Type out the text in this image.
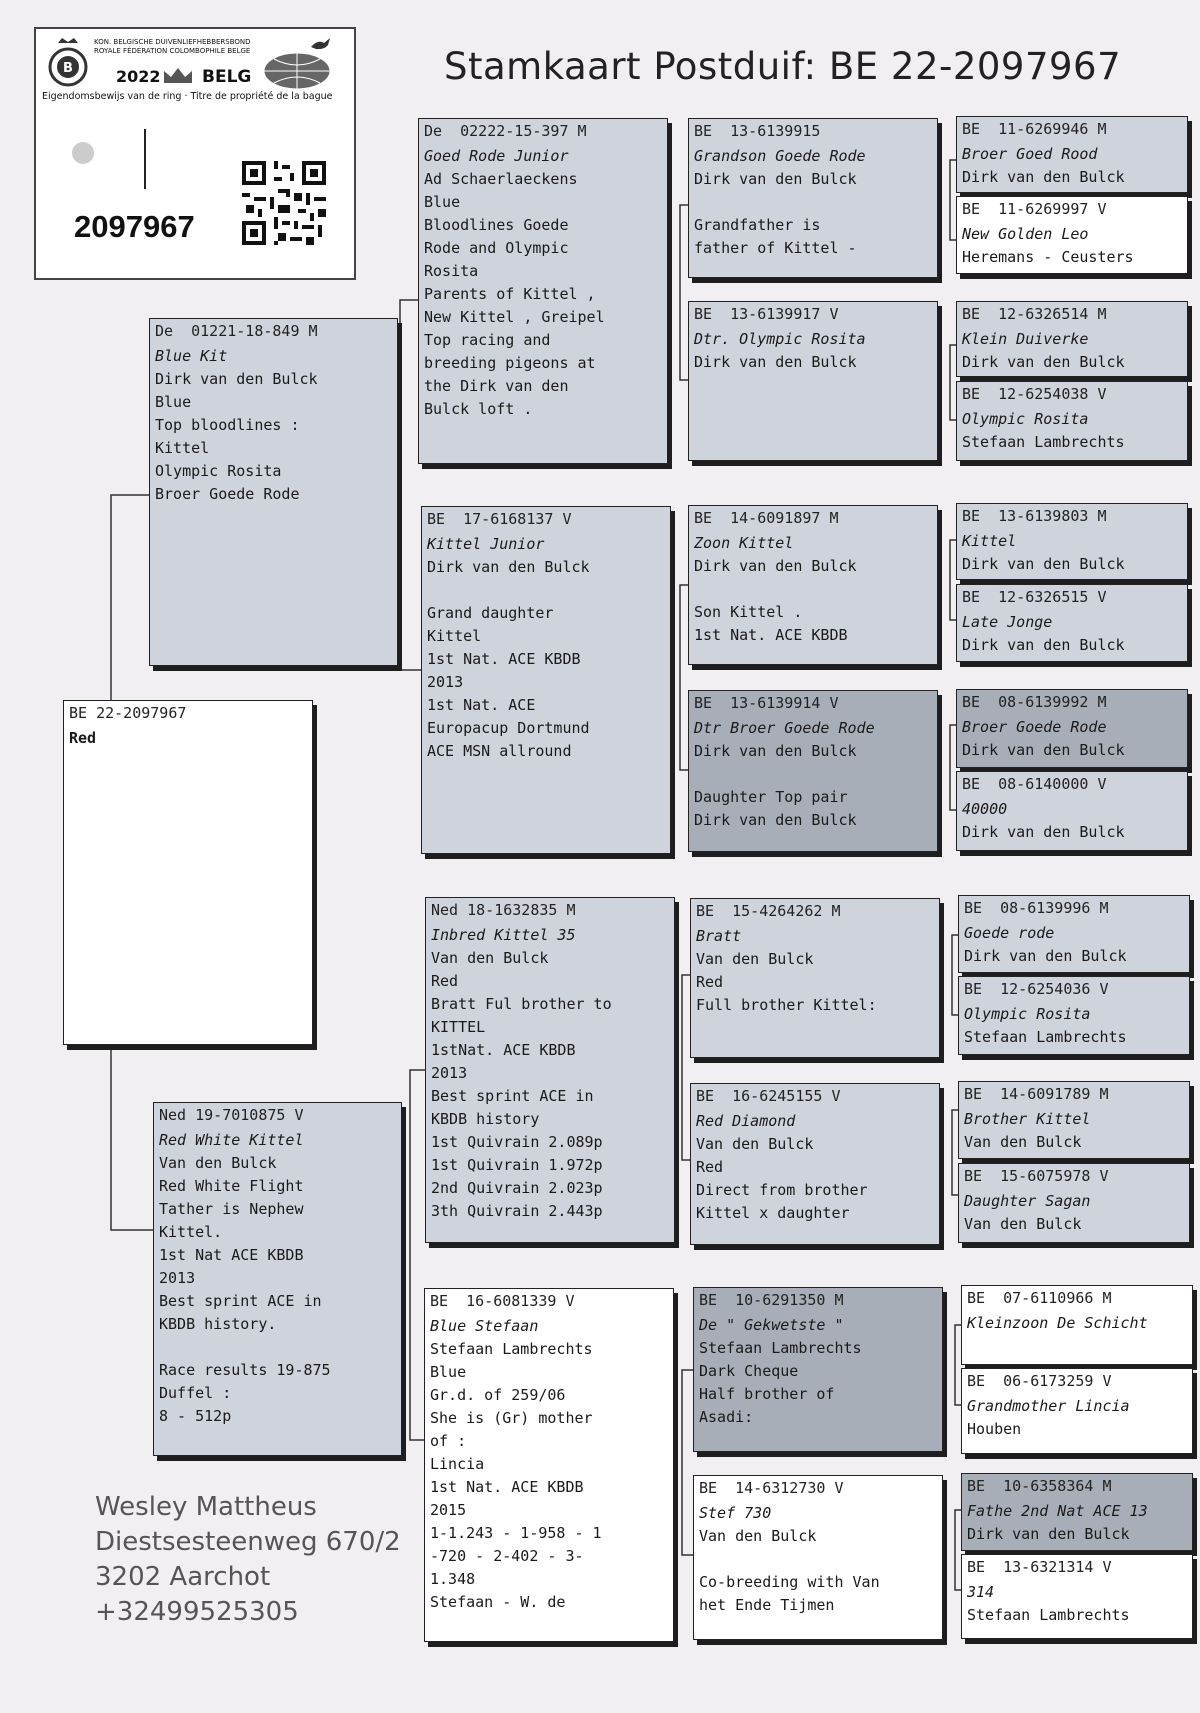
B
KON. BELGISCHE DUIVENLIEFHEBBERSBOND
ROYALE FÉDÉRATION COLOMBOPHILE BELGE
2022 BELG
Eigendomsbewijs van de ring · Titre de propriété de la bague
2097967
Stamkaart Postduif: BE 22-2097967
BE 22-2097967
Red
De  01221-18-849 M
Blue Kit
Dirk van den Bulck
Blue
Top bloodlines :
Kittel
Olympic Rosita
Broer Goede Rode
Ned 19-7010875 V
Red White Kittel
Van den Bulck
Red White Flight
Tather is Nephew
Kittel.
1st Nat ACE KBDB
2013
Best sprint ACE in
KBDB history.
Race results 19-875
Duffel :
8 - 512p
De  02222-15-397 M
Goed Rode Junior
Ad Schaerlaeckens
Blue
Bloodlines Goede
Rode and Olympic
Rosita
Parents of Kittel ,
New Kittel , Greipel
Top racing and
breeding pigeons at
the Dirk van den
Bulck loft .
BE  17-6168137 V
Kittel Junior
Dirk van den Bulck
Grand daughter
Kittel
1st Nat. ACE KBDB
2013
1st Nat. ACE
Europacup Dortmund
ACE MSN allround
Ned 18-1632835 M
Inbred Kittel 35
Van den Bulck
Red
Bratt Ful brother to
KITTEL
1stNat. ACE KBDB
2013
Best sprint ACE in
KBDB history
1st Quivrain 2.089p
1st Quivrain 1.972p
2nd Quivrain 2.023p
3th Quivrain 2.443p
BE  16-6081339 V
Blue Stefaan
Stefaan Lambrechts
Blue
Gr.d. of 259/06
She is (Gr) mother
of :
Lincia
1st Nat. ACE KBDB
2015
1-1.243 - 1-958 - 1
-720 - 2-402 - 3-
1.348
Stefaan - W. de
BE  13-6139915
Grandson Goede Rode
Dirk van den Bulck
Grandfather is
father of Kittel -
BE  13-6139917 V
Dtr. Olympic Rosita
Dirk van den Bulck
BE  14-6091897 M
Zoon Kittel
Dirk van den Bulck
Son Kittel .
1st Nat. ACE KBDB
BE  13-6139914 V
Dtr Broer Goede Rode
Dirk van den Bulck
Daughter Top pair
Dirk van den Bulck
BE  15-4264262 M
Bratt
Van den Bulck
Red
Full brother Kittel:
BE  16-6245155 V
Red Diamond
Van den Bulck
Red
Direct from brother
Kittel x daughter
BE  10-6291350 M
De " Gekwetste "
Stefaan Lambrechts
Dark Cheque
Half brother of
Asadi:
BE  14-6312730 V
Stef 730
Van den Bulck
Co-breeding with Van
het Ende Tijmen
BE  11-6269946 M
Broer Goed Rood
Dirk van den Bulck
BE  11-6269997 V
New Golden Leo
Heremans - Ceusters
BE  12-6326514 M
Klein Duiverke
Dirk van den Bulck
BE  12-6254038 V
Olympic Rosita
Stefaan Lambrechts
BE  13-6139803 M
Kittel
Dirk van den Bulck
BE  12-6326515 V
Late Jonge
Dirk van den Bulck
BE  08-6139992 M
Broer Goede Rode
Dirk van den Bulck
BE  08-6140000 V
40000
Dirk van den Bulck
BE  08-6139996 M
Goede rode
Dirk van den Bulck
BE  12-6254036 V
Olympic Rosita
Stefaan Lambrechts
BE  14-6091789 M
Brother Kittel
Van den Bulck
BE  15-6075978 V
Daughter Sagan
Van den Bulck
BE  07-6110966 M
Kleinzoon De Schicht
BE  06-6173259 V
Grandmother Lincia
Houben
BE  10-6358364 M
Fathe 2nd Nat ACE 13
Dirk van den Bulck
BE  13-6321314 V
314
Stefaan Lambrechts
Wesley Mattheus
Diestsesteenweg 670/2
3202 Aarchot
+32499525305
